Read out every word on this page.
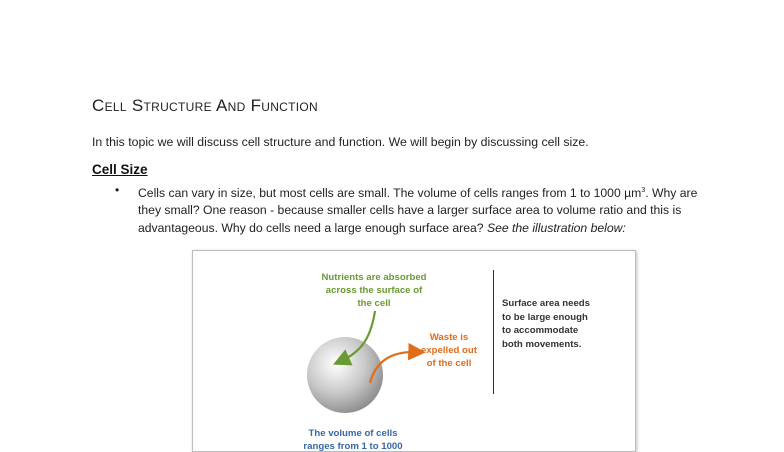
Cell Structure And Function
In this topic we will discuss cell structure and function. We will begin by discussing cell size.
Cell Size
• Cells can vary in size, but most cells are small. The volume of cells ranges from 1 to 1000 µm$^3$. Why are they small? One reason - because smaller cells have a larger surface area to volume ratio and this is advantageous. Why do cells need a large enough surface area? See the illustration below:
Nutrients are absorbed across the surface of the cell
Waste is expelled out of the cell
Surface area needs to be large enough to accommodate both movements.
The volume of cells ranges from 1 to 1000
